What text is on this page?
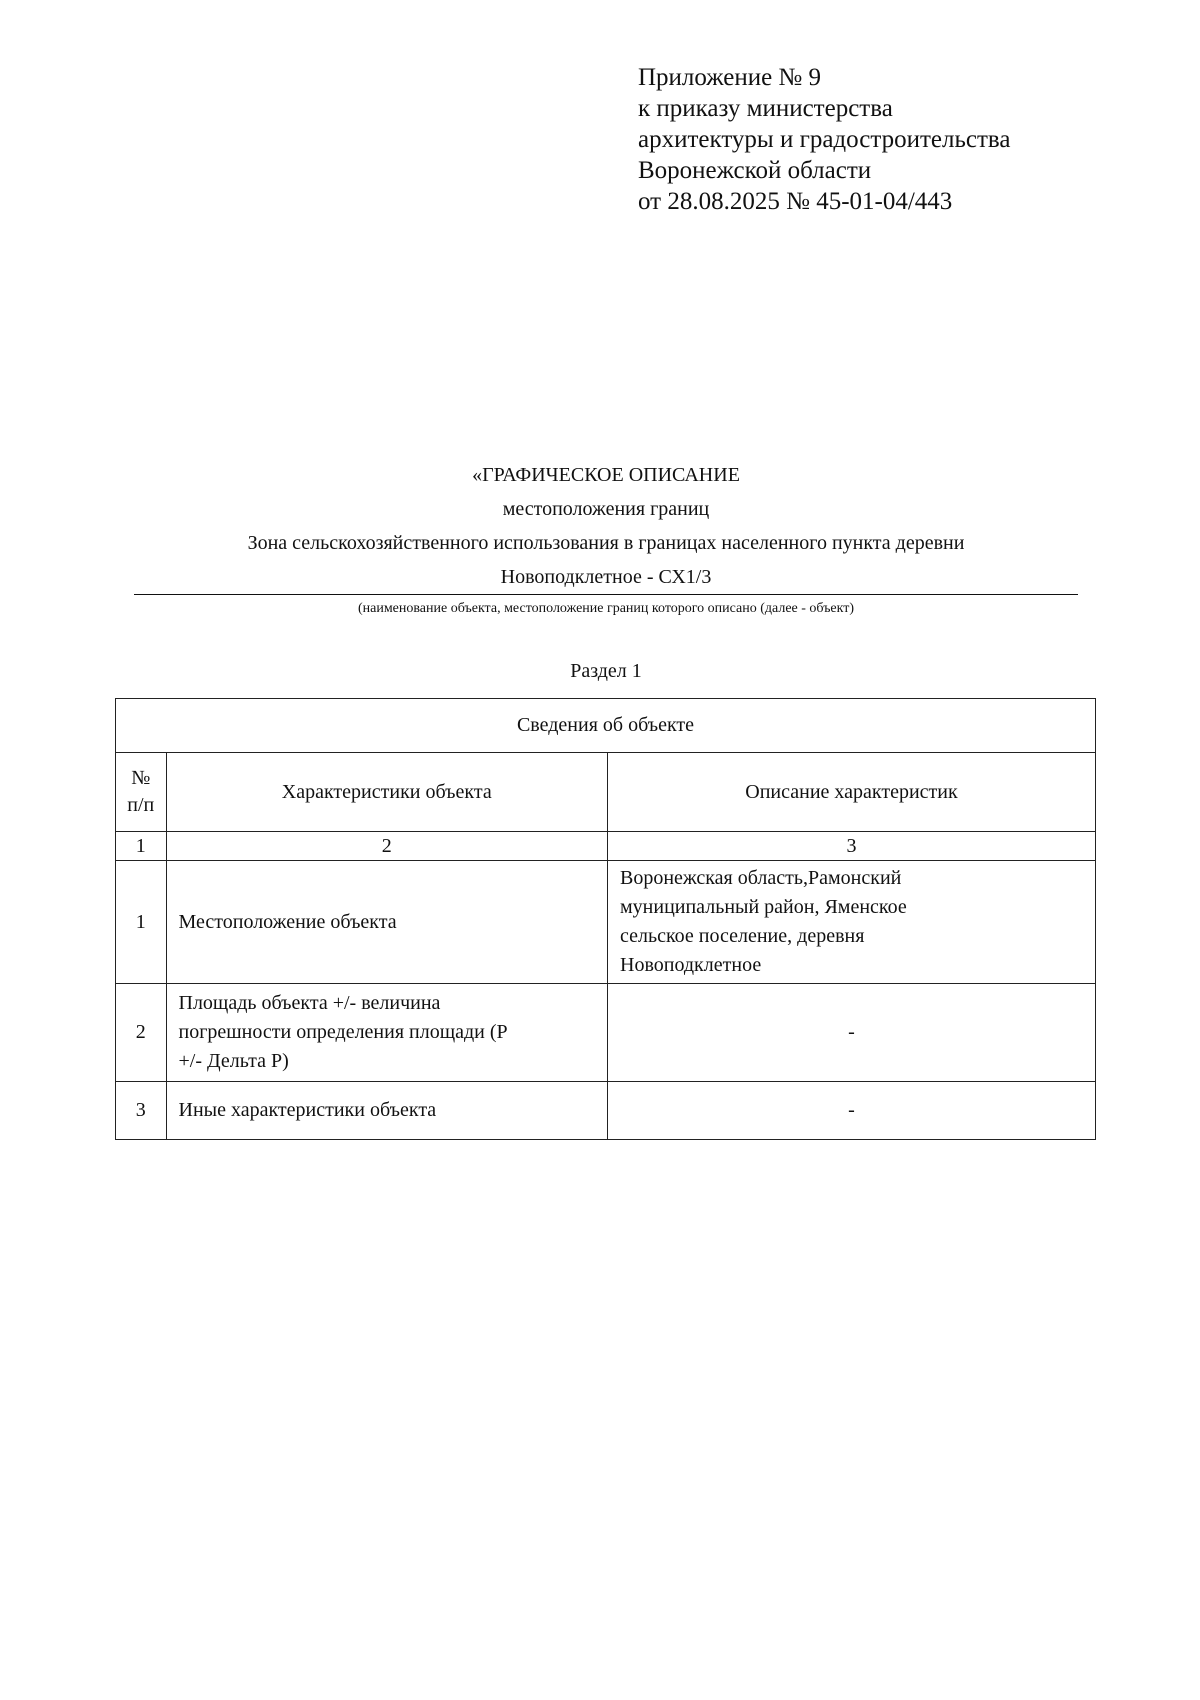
Приложение № 9
к приказу министерства
архитектуры и градостроительства
Воронежской области
от 28.08.2025 № 45-01-04/443
«ГРАФИЧЕСКОЕ ОПИСАНИЕ
местоположения границ
Зона сельскохозяйственного использования в границах населенного пункта деревни
Новоподклетное - СХ1/3
(наименование объекта, местоположение границ которого описано (далее - объект)
Раздел 1
Сведения об объекте		

№
п/п	Характеристики объекта	Описание характеристик
1	2	3
1	Местоположение объекта	Воронежская область,Рамонский
муниципальный район, Яменское
сельское поселение, деревня
Новоподклетное

2	Площадь объекта +/- величина
погрешности определения площади (Р
+/- Дельта Р)	-
3	Иные характеристики объекта	-
